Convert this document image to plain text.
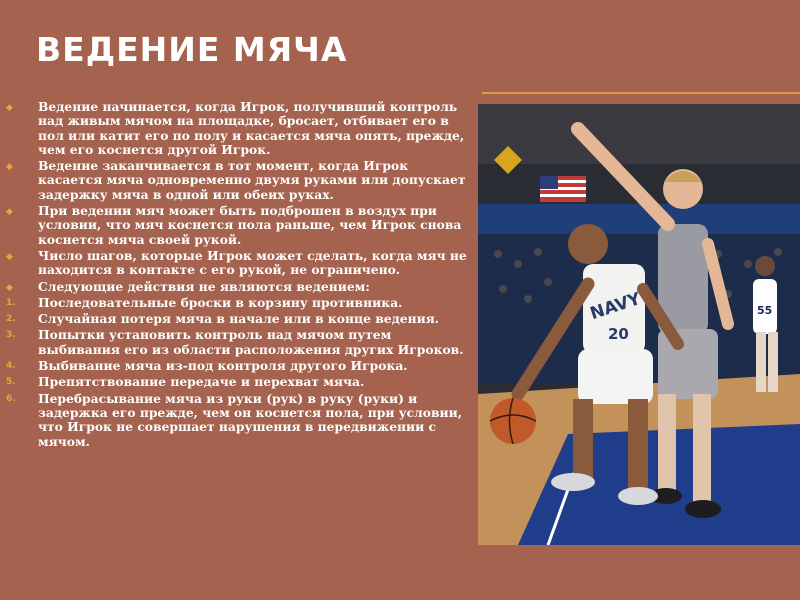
ВЕДЕНИЕ МЯЧА
◆	Ведение начинается, когда Игрок, получивший контроль над живым мячом на площадке, бросает, отбивает его в пол или катит его по полу и касается мяча опять, прежде, чем его коснется другой Игрок.
◆	Ведение заканчивается в тот момент, когда Игрок касается мяча одновременно двумя руками или допускает задержку мяча в одной или обеих руках.
◆	При ведении мяч может быть подброшен в воздух при условии, что мяч коснется пола раньше, чем Игрок снова коснется мяча своей рукой.
◆	Число шагов, которые Игрок может сделать, когда мяч не находится в контакте с его рукой, не ограничено.
◆	Следующие действия не являются ведением:
1.	Последовательные броски в корзину противника.
2.	Случайная потеря мяча в начале или в конце ведения.
3.	Попытки установить контроль над мячом путем выбивания его из области расположения других Игроков.
4.	Выбивание мяча из-под контроля другого Игрока.
5.	Препятствование передаче и перехват мяча.
6.	Перебрасывание мяча из руки (рук) в руку (руки) и задержка его прежде, чем он коснется пола, при условии, что Игрок не совершает нарушения в передвижении с мячом.
55
NAVY
20
